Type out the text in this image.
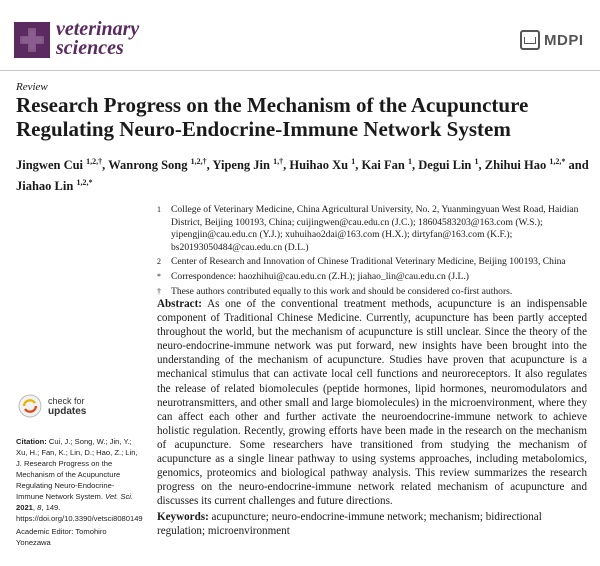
veterinary
sciences	MDPI
Review
Research Progress on the Mechanism of the Acupuncture Regulating Neuro-Endocrine-Immune Network System
Jingwen Cui $^{1,2,\dagger}$, Wanrong Song $^{1,2,\dagger}$, Yipeng Jin $^{1,\dagger}$, Huihao Xu $^1$, Kai Fan $^1$, Degui Lin $^1$, Zhihui Hao $^{1,2,*}$ and Jiahao Lin $^{1,2,*}$
1	College of Veterinary Medicine, China Agricultural University, No. 2, Yuanmingyuan West Road, Haidian District, Beijing 100193, China; cuijingwen@cau.edu.cn (J.C.); 18604583203@163.com (W.S.); yipengjin@cau.edu.cn (Y.J.); xuhuihao2dai@163.com (H.X.); dirtyfan@163.com (K.F.); bs20193050484@cau.edu.cn (D.L.)
2	Center of Research and Innovation of Chinese Traditional Veterinary Medicine, Beijing 100193, China
*	Correspondence: haozhihui@cau.edu.cn (Z.H.); jiahao_lin@cau.edu.cn (J.L.)
†	These authors contributed equally to this work and should be considered co-first authors.
Abstract: As one of the conventional treatment methods, acupuncture is an indispensable component of Traditional Chinese Medicine. Currently, acupuncture has been partly accepted throughout the world, but the mechanism of acupuncture is still unclear. Since the theory of the neuro-endocrine-immune network was put forward, new insights have been brought into the understanding of the mechanism of acupuncture. Studies have proven that acupuncture is a mechanical stimulus that can activate local cell functions and neuroreceptors. It also regulates the release of related biomolecules (peptide hormones, lipid hormones, neuromodulators and neurotransmitters, and other small and large biomolecules) in the microenvironment, where they can affect each other and further activate the neuroendocrine-immune network to achieve holistic regulation. Recently, growing efforts have been made in the research on the mechanism of acupuncture. Some researchers have transitioned from studying the mechanism of acupuncture as a single linear pathway to using systems approaches, including metabolomics, genomics, proteomics and biological pathway analysis. This review summarizes the research progress on the neuro-endocrine-immune network related mechanism of acupuncture and discusses its current challenges and future directions.
Keywords: acupuncture; neuro-endocrine-immune network; mechanism; bidirectional regulation; microenvironment
check for
updates
Citation: Cui, J.; Song, W.; Jin, Y.; Xu, H.; Fan, K.; Lin, D.; Hao, Z.; Lin, J. Research Progress on the Mechanism of the Acupuncture Regulating Neuro-Endocrine-Immune Network System. Vet. Sci. 2021, 8, 149. https://doi.org/10.3390/vetsci8080149
Academic Editor: Tomohiro Yonezawa
